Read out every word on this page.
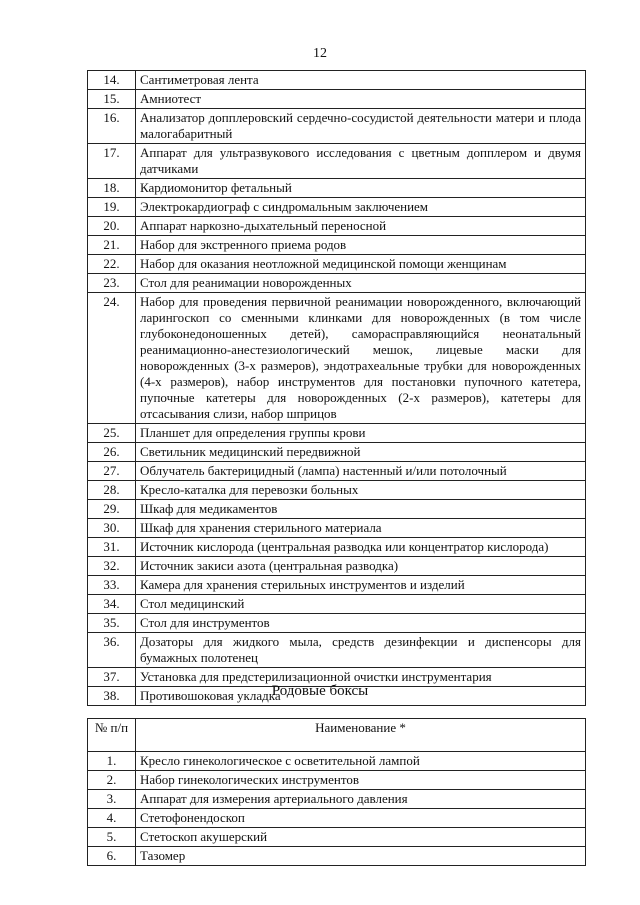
12
14.	Сантиметровая лента
15.	Амниотест
16.	Анализатор допплеровский сердечно-сосудистой деятельности матери и плода малогабаритный
17.	Аппарат для ультразвукового исследования с цветным допплером и двумя датчиками
18.	Кардиомонитор фетальный
19.	Электрокардиограф с синдромальным заключением
20.	Аппарат наркозно-дыхательный переносной
21.	Набор для экстренного приема родов
22.	Набор для оказания неотложной медицинской помощи женщинам
23.	Стол для реанимации новорожденных
24.	Набор для проведения первичной реанимации новорожденного, включающий ларингоскоп со сменными клинками для новорожденных (в том числе глубоконедоношенных детей), саморасправляющийся неонатальный реанимационно-анестезиологический мешок, лицевые маски для новорожденных (3-х размеров), эндотрахеальные трубки для новорожденных (4-х размеров), набор инструментов для постановки пупочного катетера, пупочные катетеры для новорожденных (2-х размеров), катетеры для отсасывания слизи, набор шприцов
25.	Планшет для определения группы крови
26.	Светильник медицинский передвижной
27.	Облучатель бактерицидный (лампа) настенный и/или потолочный
28.	Кресло-каталка для перевозки больных
29.	Шкаф для медикаментов
30.	Шкаф для хранения стерильного материала
31.	Источник кислорода (центральная разводка или концентратор кислорода)
32.	Источник закиси азота (центральная разводка)
33.	Камера для хранения стерильных инструментов и изделий
34.	Стол медицинский
35.	Стол для инструментов
36.	Дозаторы для жидкого мыла, средств дезинфекции и диспенсоры для бумажных полотенец
37.	Установка для предстерилизационной очистки инструментария
38.	Противошоковая укладка
Родовые боксы
№ п/п	Наименование *
1.	Кресло гинекологическое с осветительной лампой
2.	Набор гинекологических инструментов
3.	Аппарат для измерения артериального давления
4.	Стетофонендоскоп
5.	Стетоскоп акушерский
6.	Тазомер
